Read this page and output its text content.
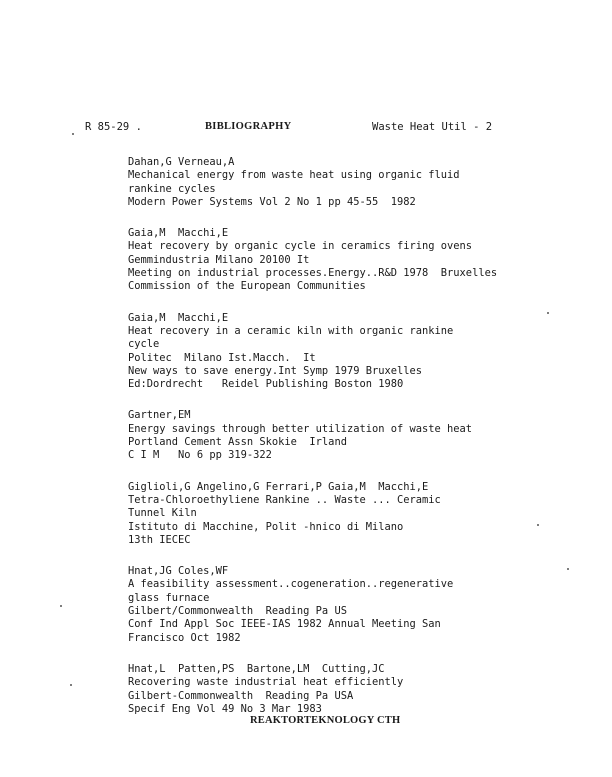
R 85-29 .	BIBLIOGRAPHY	Waste Heat Util - 2
Dahan,G Verneau,A
Mechanical energy from waste heat using organic fluid
rankine cycles
Modern Power Systems Vol 2 No 1 pp 45-55  1982
Gaia,M  Macchi,E
Heat recovery by organic cycle in ceramics firing ovens
Gemmindustria Milano 20100 It
Meeting on industrial processes.Energy..R&D 1978  Bruxelles
Commission of the European Communities
Gaia,M  Macchi,E
Heat recovery in a ceramic kiln with organic rankine
cycle
Politec  Milano Ist.Macch.  It
New ways to save energy.Int Symp 1979 Bruxelles
Ed:Dordrecht   Reidel Publishing Boston 1980
Gartner,EM
Energy savings through better utilization of waste heat
Portland Cement Assn Skokie  Irland
C I M   No 6 pp 319-322
Giglioli,G Angelino,G Ferrari,P Gaia,M  Macchi,E
Tetra-Chloroethyliene Rankine .. Waste ... Ceramic
Tunnel Kiln
Istituto di Macchine, Polit -hnico di Milano
13th IECEC
Hnat,JG Coles,WF
A feasibility assessment..cogeneration..regenerative
glass furnace
Gilbert/Commonwealth  Reading Pa US
Conf Ind Appl Soc IEEE-IAS 1982 Annual Meeting San
Francisco Oct 1982
Hnat,L  Patten,PS  Bartone,LM  Cutting,JC
Recovering waste industrial heat efficiently
Gilbert-Commonwealth  Reading Pa USA
Specif Eng Vol 49 No 3 Mar 1983
REAKTORTEKNOLOGY CTH
